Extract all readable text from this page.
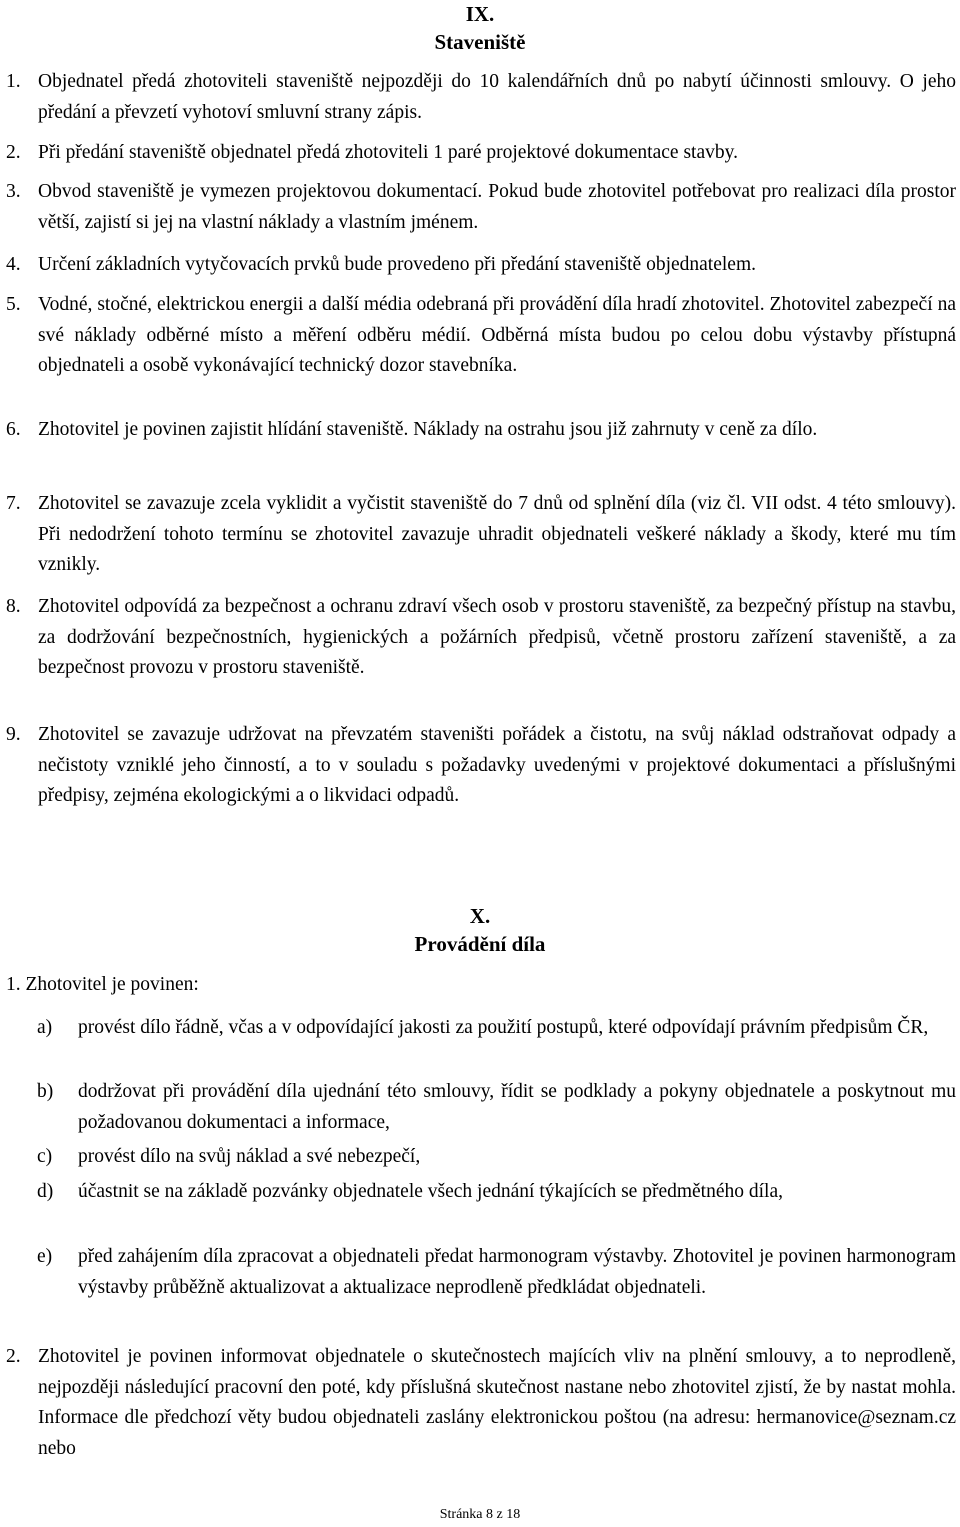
IX.
Staveniště
1. Objednatel předá zhotoviteli staveniště nejpozději do 10 kalendářních dnů po nabytí účinnosti smlouvy. O jeho předání a převzetí vyhotoví smluvní strany zápis.
2. Při předání staveniště objednatel předá zhotoviteli 1 paré projektové dokumentace stavby.
3. Obvod staveniště je vymezen projektovou dokumentací. Pokud bude zhotovitel potřebovat pro realizaci díla prostor větší, zajistí si jej na vlastní náklady a vlastním jménem.
4. Určení základních vytyčovacích prvků bude provedeno při předání staveniště objednatelem.
5. Vodné, stočné, elektrickou energii a další média odebraná při provádění díla hradí zhotovitel. Zhotovitel zabezpečí na své náklady odběrné místo a měření odběru médií. Odběrná místa budou po celou dobu výstavby přístupná objednateli a osobě vykonávající technický dozor stavebníka.
6. Zhotovitel je povinen zajistit hlídání staveniště. Náklady na ostrahu jsou již zahrnuty v ceně za dílo.
7. Zhotovitel se zavazuje zcela vyklidit a vyčistit staveniště do 7 dnů od splnění díla (viz čl. VII odst. 4 této smlouvy). Při nedodržení tohoto termínu se zhotovitel zavazuje uhradit objednateli veškeré náklady a škody, které mu tím vznikly.
8. Zhotovitel odpovídá za bezpečnost a ochranu zdraví všech osob v prostoru staveniště, za bezpečný přístup na stavbu, za dodržování bezpečnostních, hygienických a požárních předpisů, včetně prostoru zařízení staveniště, a za bezpečnost provozu v prostoru staveniště.
9. Zhotovitel se zavazuje udržovat na převzatém staveništi pořádek a čistotu, na svůj náklad odstraňovat odpady a nečistoty vzniklé jeho činností, a to v souladu s požadavky uvedenými v projektové dokumentaci a příslušnými předpisy, zejména ekologickými a o likvidaci odpadů.
X.
Provádění díla
1. Zhotovitel je povinen:
a) provést dílo řádně, včas a v odpovídající jakosti za použití postupů, které odpovídají právním předpisům ČR,
b) dodržovat při provádění díla ujednání této smlouvy, řídit se podklady a pokyny objednatele a poskytnout mu požadovanou dokumentaci a informace,
c) provést dílo na svůj náklad a své nebezpečí,
d) účastnit se na základě pozvánky objednatele všech jednání týkajících se předmětného díla,
e) před zahájením díla zpracovat a objednateli předat harmonogram výstavby. Zhotovitel je povinen harmonogram výstavby průběžně aktualizovat a aktualizace neprodleně předkládat objednateli.
2. Zhotovitel je povinen informovat objednatele o skutečnostech majících vliv na plnění smlouvy, a to neprodleně, nejpozději následující pracovní den poté, kdy příslušná skutečnost nastane nebo zhotovitel zjistí, že by nastat mohla. Informace dle předchozí věty budou objednateli zaslány elektronickou poštou (na adresu: hermanovice@seznam.cz nebo
Stránka 8 z 18
